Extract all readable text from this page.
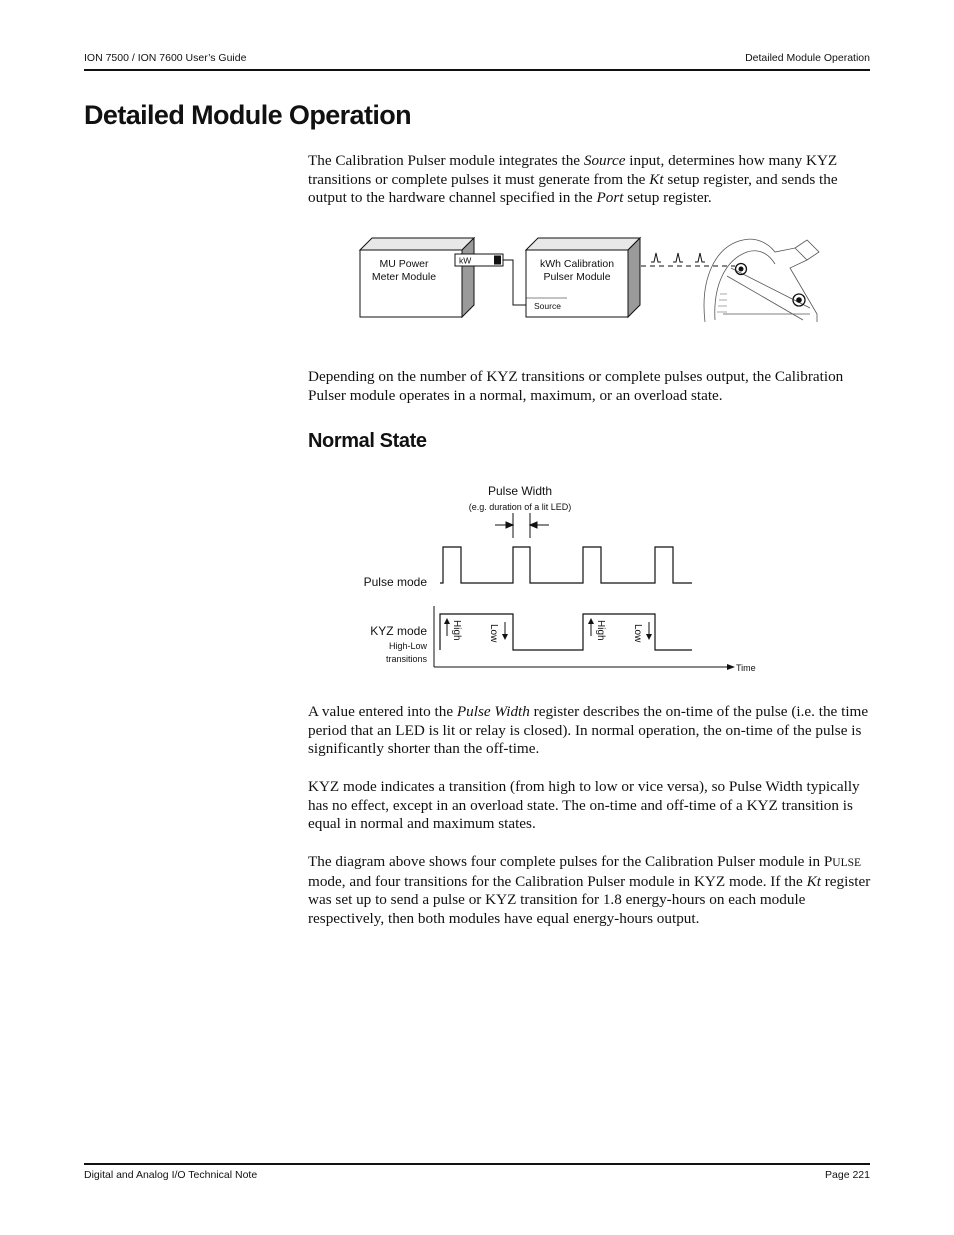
ION 7500 / ION 7600 User’s Guide	Detailed Module Operation
Detailed Module Operation

The Calibration Pulser module integrates the Source input, determines how many KYZ transitions or complete pulses it must generate from the Kt setup register, and sends the output to the hardware channel specified in the Port setup register.

MU Power
Meter Module
kW	kWh Calibration
Pulser Module
Source

Depending on the number of KYZ transitions or complete pulses output, the Calibration Pulser module operates in a normal, maximum, or an overload state.

Normal State
Pulse Width
(e.g. duration of a lit LED)
Pulse mode
KYZ mode
High-Low
transitions
Time
High	Low	High	Low

A value entered into the Pulse Width register describes the on-time of the pulse (i.e. the time period that an LED is lit or relay is closed). In normal operation, the on-time of the pulse is significantly shorter than the off-time.

KYZ mode indicates a transition (from high to low or vice versa), so Pulse Width typically has no effect, except in an overload state. The on-time and off-time of a KYZ transition is equal in normal and maximum states.

The diagram above shows four complete pulses for the Calibration Pulser module in PULSE mode, and four transitions for the Calibration Pulser module in KYZ mode. If the Kt register was set up to send a pulse or KYZ transition for 1.8 energy-hours on each module respectively, then both modules have equal energy-hours output.

Digital and Analog I/O Technical Note	Page 221
